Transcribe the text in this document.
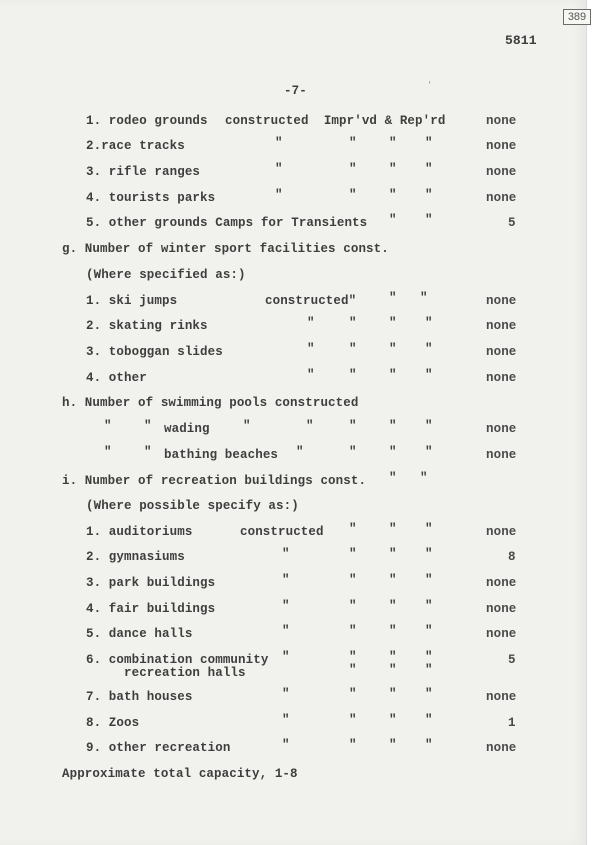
389
5811
-7-	ʿ
1. rodeo grounds constructed  Impr'vd & Rep'rd	none
2.race tracks	"	"	" "	none
3. rifle ranges	"	"	" "	none
4. tourists parks	"	"	" "	none
5. other grounds Camps for Transients " "	5
g. Number of winter sport facilities const.
(Where specified as:)
1. ski jumps	constructed"	" "	none
2. skating rinks	"	"	" "	none
3. toboggan slides	"	"	" "	none
4. other	"	"	" "	none
h. Number of swimming pools constructed
"	" wading	"	"	"	" "	none
"	" bathing beaches "	"	" "	none
i. Number of recreation buildings const. " "
(Where possible specify as:)
1. auditoriums	constructed "	" "	none
2. gymnasiums	"	"	" "	8
3. park buildings	"	"	" "	none
4. fair buildings	"	"	" "	none
5. dance halls	"	"	" "	none
6. combination community "	"	" "	5
recreation halls	"	" "
7. bath houses	"	"	" "	none
8. Zoos	"	"	" "	1
9. other recreation	"	"	" "	none
Approximate total capacity, 1-8
